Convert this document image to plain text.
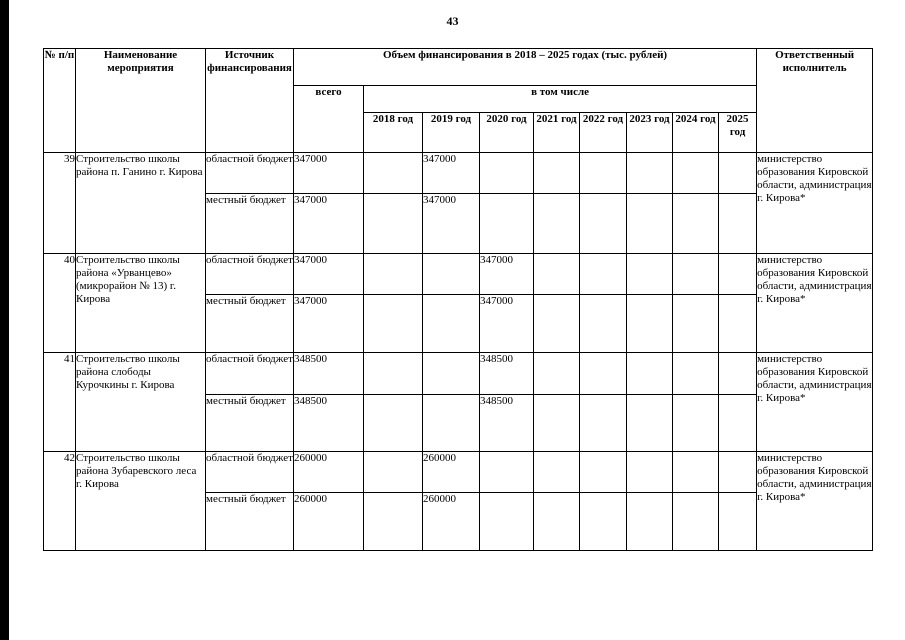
43
№ п/п	Наименование мероприятия	Источник финансирования	Объем финансирования в 2018 – 2025 годах (тыс. рублей)									Ответственный исполнитель
			всего	в том числе								
				2018 год	2019 год	2020 год	2021 год	2022 год	2023 год	2024 год	2025 год	
39	Строительство школы района п. Ганино г. Кирова	областной бюджет	347000		347000							министерство образования Кировской области, администрация г. Кирова*
		местный бюджет	347000		347000							
40	Строительство школы района «Урванцево» (микрорайон № 13) г. Кирова	областной бюджет	347000			347000						министерство образования Кировской области, администрация г. Кирова*
		местный бюджет	347000			347000						
41	Строительство школы района слободы Курочкины г. Кирова	областной бюджет	348500			348500						министерство образования Кировской области, администрация г. Кирова*
		местный бюджет	348500			348500						
42	Строительство школы района Зубаревского леса г. Кирова	областной бюджет	260000		260000							министерство образования Кировской области, администрация г. Кирова*
		местный бюджет	260000		260000							
